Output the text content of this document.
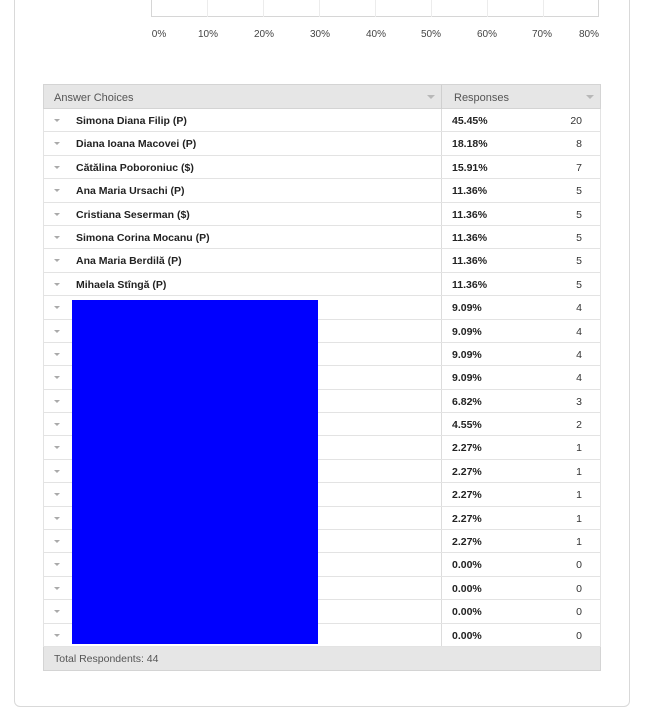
0%	10%	20%	30%	40%	50%	60%	70%	80%
Answer Choices	Responses
Simona Diana Filip (P)	45.45%	20
Diana Ioana Macovei (P)	18.18%	8
Cătălina Poboroniuc ($)	15.91%	7
Ana Maria Ursachi (P)	11.36%	5
Cristiana Seserman ($)	11.36%	5
Simona Corina Mocanu (P)	11.36%	5
Ana Maria Berdilă (P)	11.36%	5
Mihaela Stîngă (P)	11.36%	5
9.09%	4
9.09%	4
9.09%	4
9.09%	4
6.82%	3
4.55%	2
2.27%	1
2.27%	1
2.27%	1
2.27%	1
2.27%	1
0.00%	0
0.00%	0
0.00%	0
0.00%	0
Total Respondents: 44
